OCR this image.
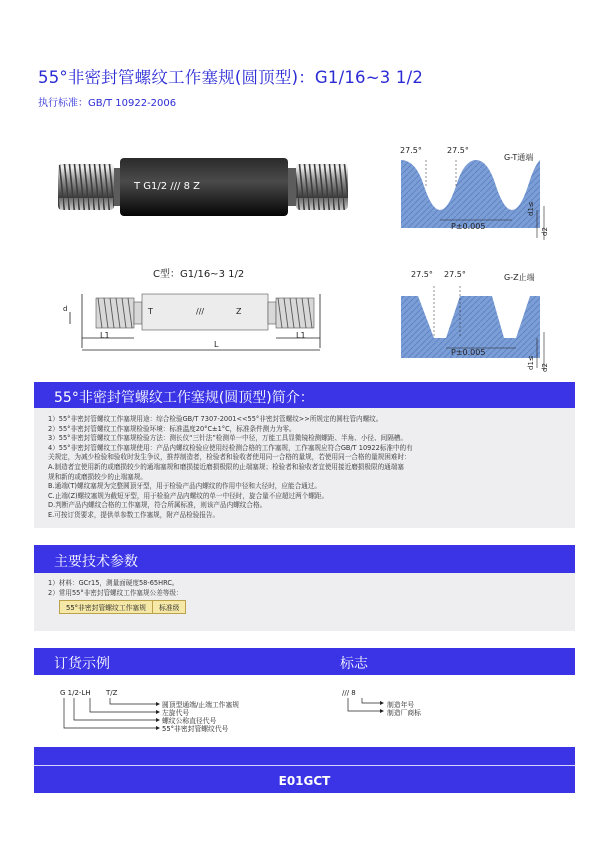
55°非密封管螺纹工作塞规(圆顶型)：G1/16~3 1/2
执行标准：GB/T 10922-2006
T G1/2 /// 8 Z
C型：G1/16~3 1/2
d
L1
L
L1
T	///	Z
27.5°	27.5°
G-T通端
P±0.005
d1≤
d2
27.5° 27.5°	G-Z止端
P±0.005
d1≤ d2
55°非密封管螺纹工作塞规(圆顶型)简介：
1）55°非密封管螺纹工作塞规用途：综合检验GB/T 7307-2001<<55°非密封管螺纹>>所规定的圆柱管内螺纹。
2）55°非密封管螺纹工作塞规检验环境：标准温度20°C±1°C，标准条件测力为零。
3）55°非密封管螺纹工作塞规检验方法：测长仪“三针法”检测单一中径，万能工具显微镜检测螺距、半角、小径、间隔槽。
4）55°非密封管螺纹工作塞规使用：产品内螺纹检验应使用经检测合格的工作塞规，工作塞规应符合GB/T 10922标准中的有
关规定，为减少检验和验收时发生争议，推荐制造者，检验者和验收者使用同一合格的量规，若使用同一合格的量规困难时：
A.制造者宜使用新的或磨损较少的通端塞规和磨损接近磨损极限的止端塞规；检验者和验收者宜使用接近磨损极限的通端塞
规和新的或磨损较少的止端塞规。
B.通端(T)螺纹塞规为完整圆顶牙型，用于检验产品内螺纹的作用中径和大径时，应能合通过。
C.止端(Z)螺纹塞规为截短牙型，用于检验产品内螺纹的单一中径时，旋合量不应超过两个螺距。
D.判断产品内螺纹合格的工作塞规，符合所属标准，则该产品内螺纹合格。
E.可按订货要求，提供单参数工作塞规，附产品检验报告。
主要技术参数
1）材料：GCr15，测量面硬度58-65HRC。
2）常用55°非密封管螺纹工作塞规公差等级：
55°非密封管螺纹工作塞规	标准级
订货示例	标志
G 1/2-LH T/Z
圆顶型通端/止端工作塞规
左旋代号
螺纹公称直径代号
55°非密封管螺纹代号
/// 8
制造年号
制造厂商标
E01GCT
